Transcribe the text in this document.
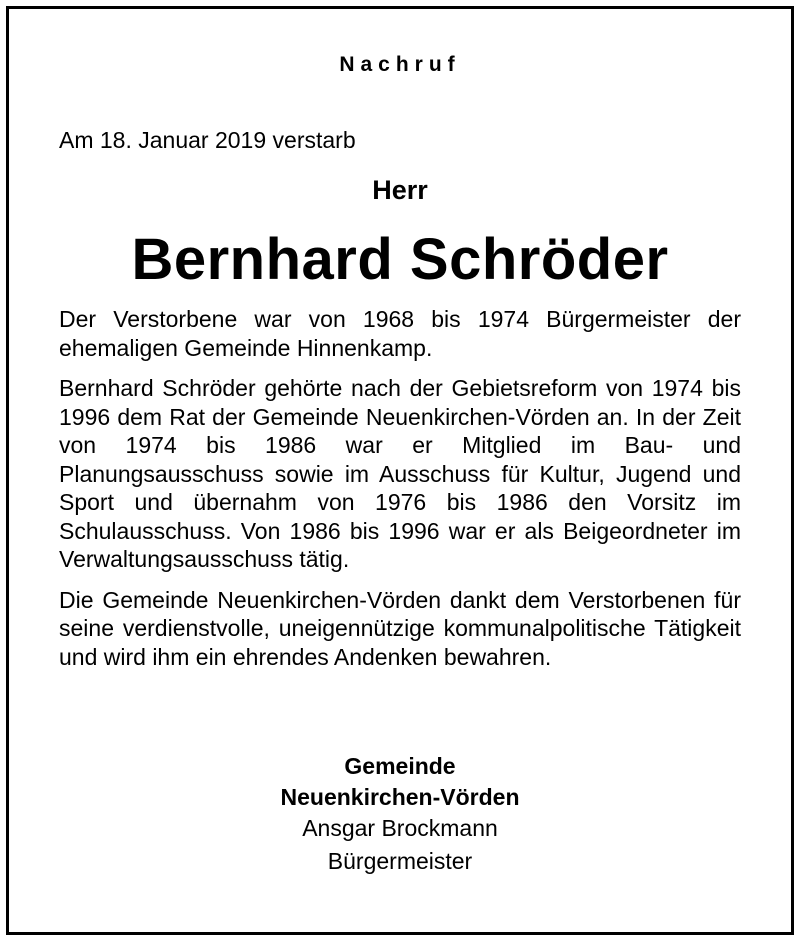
Nachruf
Am 18. Januar 2019 verstarb
Herr
Bernhard Schröder

Der Verstorbene war von 1968 bis 1974 Bürgermeister der ehemaligen Gemeinde Hinnenkamp.

Bernhard Schröder gehörte nach der Gebietsreform von 1974 bis 1996 dem Rat der Gemeinde Neuenkirchen-Vörden an. In der Zeit von 1974 bis 1986 war er Mitglied im Bau- und Planungsausschuss sowie im Ausschuss für Kultur, Jugend und Sport und übernahm von 1976 bis 1986 den Vorsitz im Schulausschuss. Von 1986 bis 1996 war er als Beigeordneter im Verwaltungsausschuss tätig.

Die Gemeinde Neuenkirchen-Vörden dankt dem Verstorbenen für seine verdienstvolle, uneigennützige kommunalpolitische Tätigkeit und wird ihm ein ehrendes Andenken bewahren.

Gemeinde
Neuenkirchen-Vörden
Ansgar Brockmann
Bürgermeister
